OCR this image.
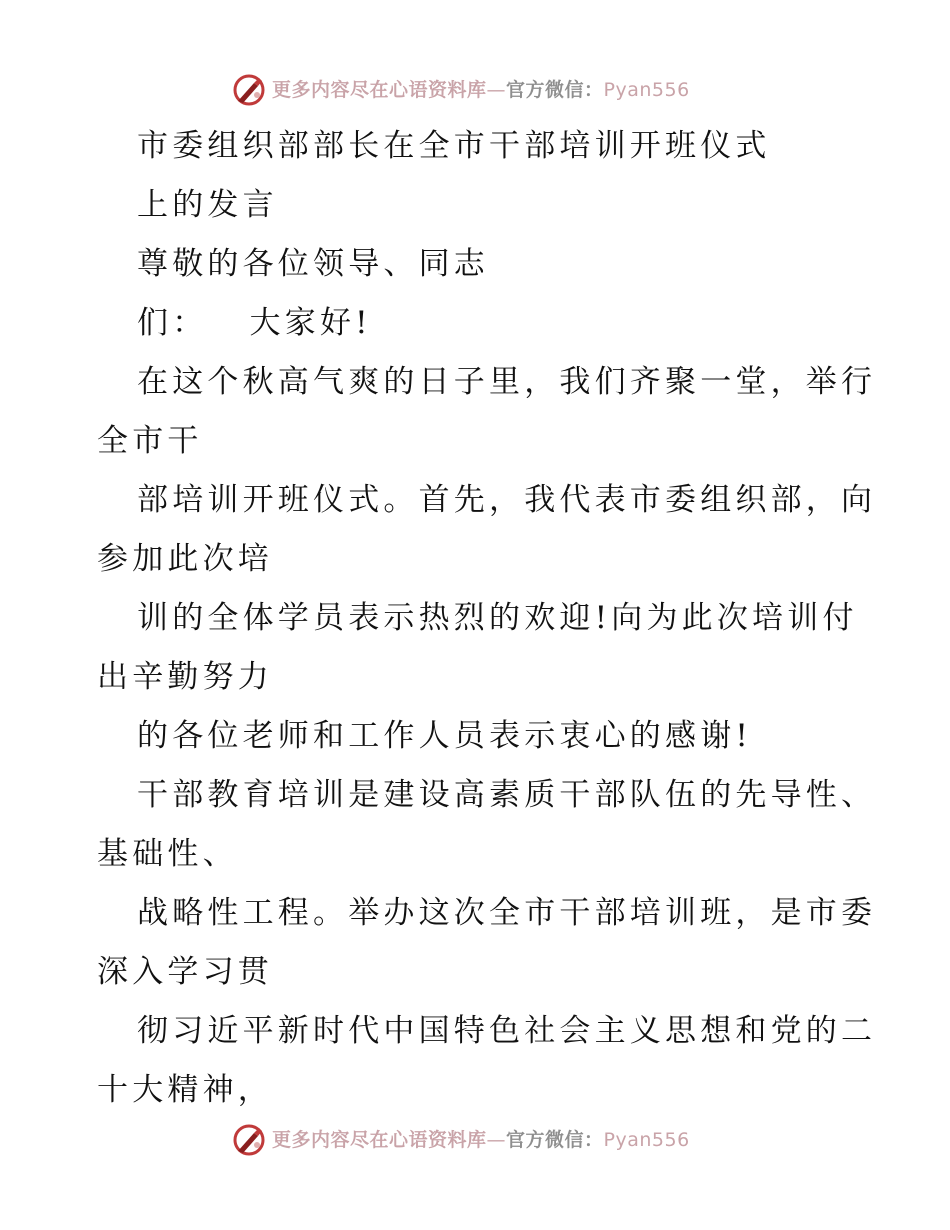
更多内容尽在心语资料库—官方微信：Pyan556
市委组织部部长在全市干部培训开班仪式
上的发言
尊敬的各位领导、同志
们：   大家好!
在这个秋高气爽的日子里，我们齐聚一堂，举行
全市干
部培训开班仪式。首先，我代表市委组织部，向
参加此次培
训的全体学员表示热烈的欢迎!向为此次培训付
出辛勤努力
的各位老师和工作人员表示衷心的感谢!
干部教育培训是建设高素质干部队伍的先导性、
基础性、
战略性工程。举办这次全市干部培训班，是市委
深入学习贯
彻习近平新时代中国特色社会主义思想和党的二
十大精神，
更多内容尽在心语资料库—官方微信：Pyan556
